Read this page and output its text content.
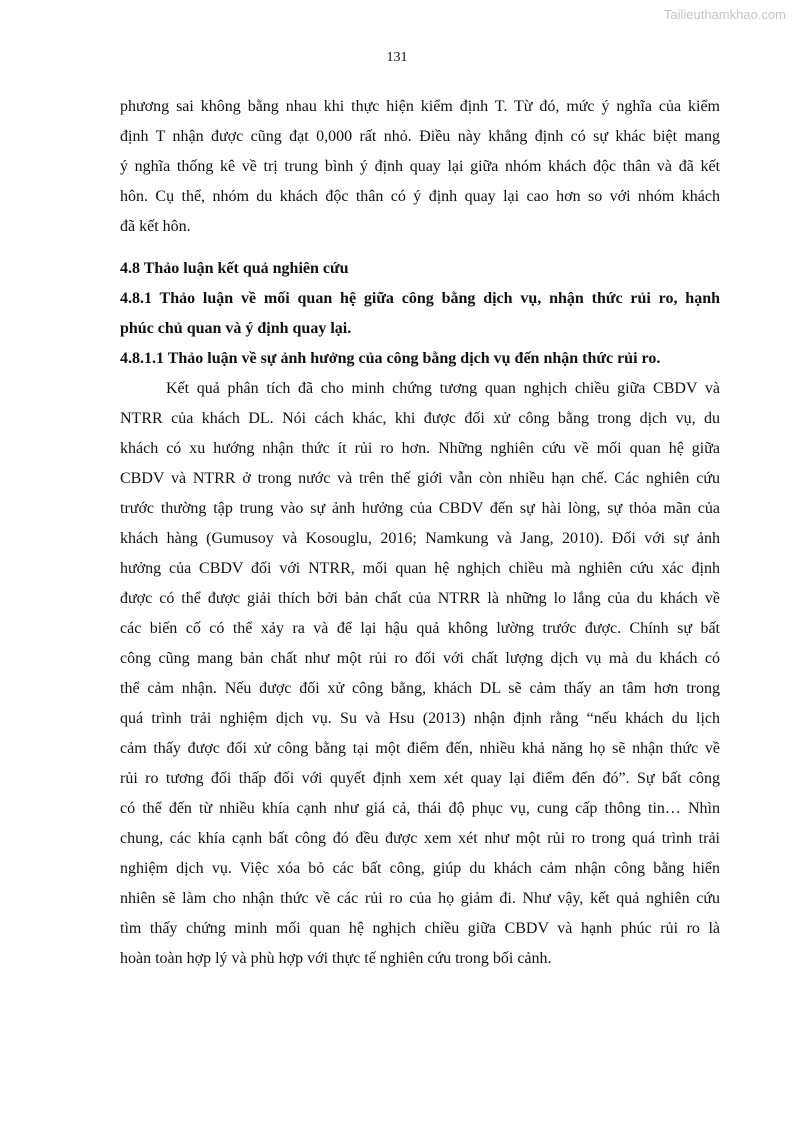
Tailieuthamkhao.com
131
phương sai không bằng nhau khi thực hiện kiểm định T. Từ đó, mức ý nghĩa của kiểm
định T nhận được cũng đạt 0,000 rất nhỏ. Điều này khẳng định có sự khác biệt mang
ý nghĩa thống kê về trị trung bình ý định quay lại giữa nhóm khách độc thân và đã kết
hôn. Cụ thể, nhóm du khách độc thân có ý định quay lại cao hơn so với nhóm khách
đã kết hôn.
4.8 Thảo luận kết quả nghiên cứu
4.8.1 Thảo luận về mối quan hệ giữa công bằng dịch vụ, nhận thức rủi ro, hạnh
phúc chủ quan và ý định quay lại.
4.8.1.1 Thảo luận về sự ảnh hưởng của công bằng dịch vụ đến nhận thức rủi ro.
Kết quả phân tích đã cho minh chứng tương quan nghịch chiều giữa CBDV và
NTRR của khách DL. Nói cách khác, khi được đối xử công bằng trong dịch vụ, du
khách có xu hướng nhận thức ít rủi ro hơn. Những nghiên cứu về mối quan hệ giữa
CBDV và NTRR ở trong nước và trên thế giới vẫn còn nhiều hạn chế. Các nghiên cứu
trước thường tập trung vào sự ảnh hưởng của CBDV đến sự hài lòng, sự thỏa mãn của
khách hàng (Gumusoy và Kosouglu, 2016; Namkung và Jang, 2010). Đối với sự ảnh
hưởng của CBDV đối với NTRR, mối quan hệ nghịch chiều mà nghiên cứu xác định
được có thể được giải thích bởi bản chất của NTRR là những lo lắng của du khách về
các biến cố có thể xảy ra và để lại hậu quả không lường trước được. Chính sự bất
công cũng mang bản chất như một rủi ro đối với chất lượng dịch vụ mà du khách có
thể cảm nhận. Nếu được đối xử công bằng, khách DL sẽ cảm thấy an tâm hơn trong
quá trình trải nghiệm dịch vụ. Su và Hsu (2013) nhận định rằng “nếu khách du lịch
cảm thấy được đối xử công bằng tại một điểm đến, nhiều khả năng họ sẽ nhận thức về
rủi ro tương đối thấp đối với quyết định xem xét quay lại điểm đến đó”. Sự bất công
có thể đến từ nhiều khía cạnh như giá cả, thái độ phục vụ, cung cấp thông tin… Nhìn
chung, các khía cạnh bất công đó đều được xem xét như một rủi ro trong quá trình trải
nghiệm dịch vụ. Việc xóa bỏ các bất công, giúp du khách cảm nhận công bằng hiển
nhiên sẽ làm cho nhận thức về các rủi ro của họ giảm đi. Như vậy, kết quả nghiên cứu
tìm thấy chứng minh mối quan hệ nghịch chiều giữa CBDV và hạnh phúc rủi ro là
hoàn toàn hợp lý và phù hợp với thực tế nghiên cứu trong bối cảnh.
